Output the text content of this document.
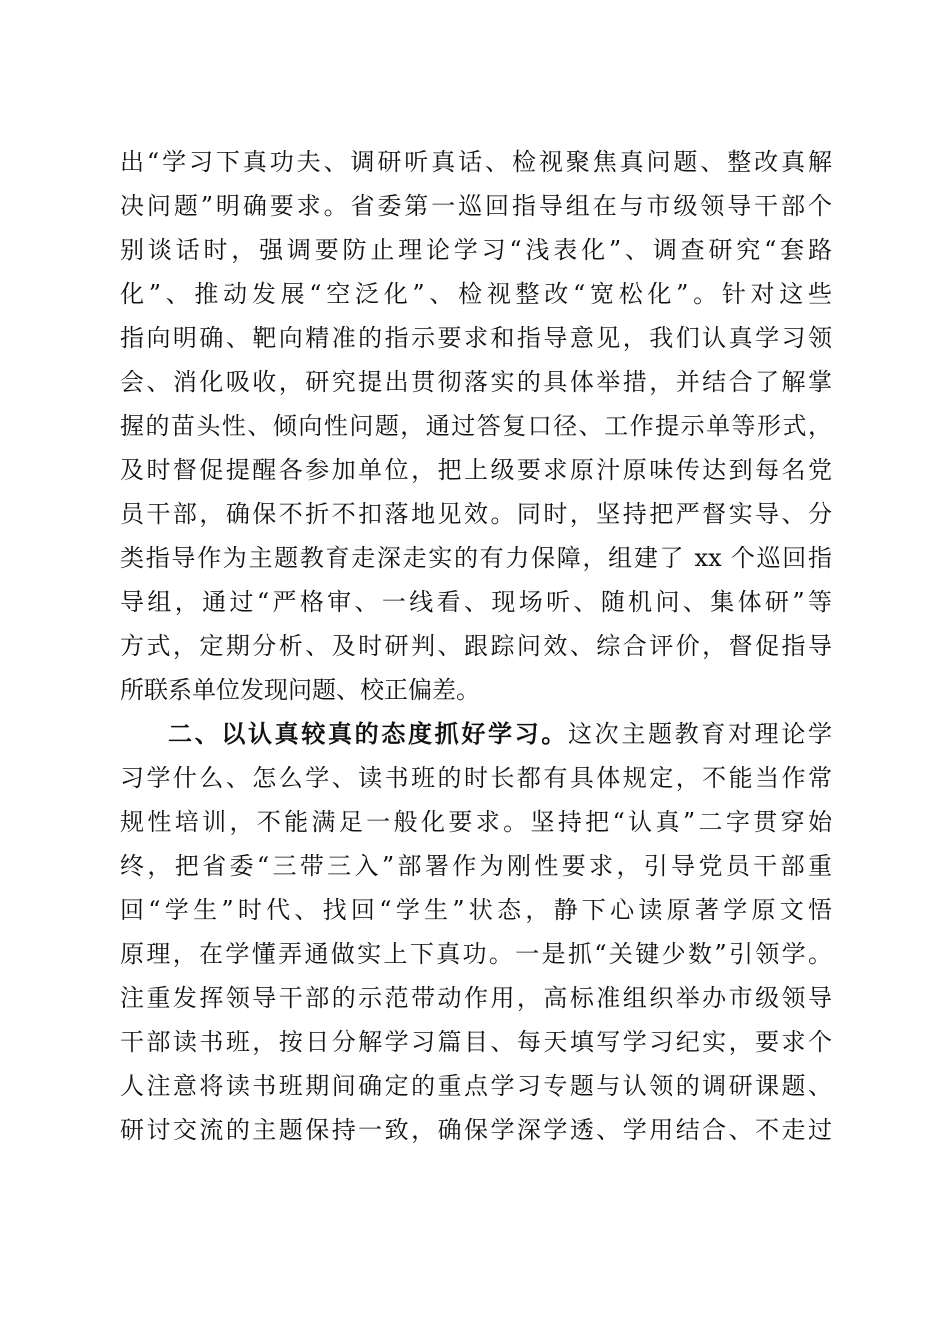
出“学习下真功夫、调研听真话、检视聚焦真问题、整改真解
决问题”明确要求。省委第一巡回指导组在与市级领导干部个
别谈话时，强调要防止理论学习“浅表化”、调查研究“套路
化”、推动发展“空泛化”、检视整改“宽松化”。针对这些
指向明确、靶向精准的指示要求和指导意见，我们认真学习领
会、消化吸收，研究提出贯彻落实的具体举措，并结合了解掌
握的苗头性、倾向性问题，通过答复口径、工作提示单等形式，
及时督促提醒各参加单位，把上级要求原汁原味传达到每名党
员干部，确保不折不扣落地见效。同时，坚持把严督实导、分
类指导作为主题教育走深走实的有力保障，组建了 xx 个巡回指
导组，通过“严格审、一线看、现场听、随机问、集体研”等
方式，定期分析、及时研判、跟踪问效、综合评价，督促指导
所联系单位发现问题、校正偏差。
二、以认真较真的态度抓好学习。这次主题教育对理论学
习学什么、怎么学、读书班的时长都有具体规定，不能当作常
规性培训，不能满足一般化要求。坚持把“认真”二字贯穿始
终，把省委“三带三入”部署作为刚性要求，引导党员干部重
回“学生”时代、找回“学生”状态，静下心读原著学原文悟
原理，在学懂弄通做实上下真功。一是抓“关键少数”引领学。
注重发挥领导干部的示范带动作用，高标准组织举办市级领导
干部读书班，按日分解学习篇目、每天填写学习纪实，要求个
人注意将读书班期间确定的重点学习专题与认领的调研课题、
研讨交流的主题保持一致，确保学深学透、学用结合、不走过
